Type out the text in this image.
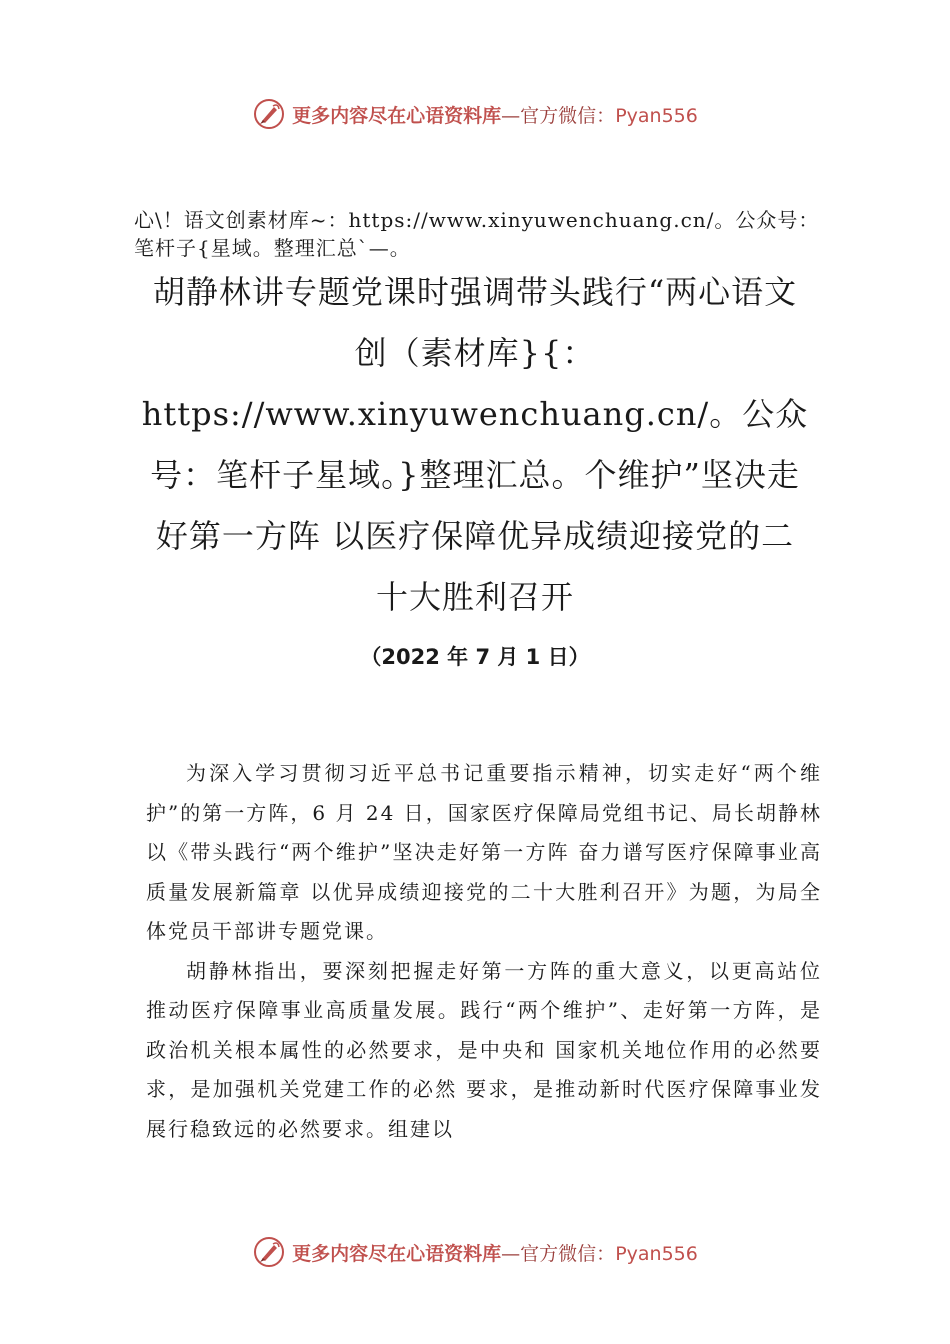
更多内容尽在心语资料库—官方微信：Pyan556
心\！语文创素材库~：https://www.xinyuwenchuang.cn/。公众号：笔杆子{星域。整理汇总`—。
胡静林讲专题党课时强调带头践行“两心语文创（素材库}{：https://www.xinyuwenchuang.cn/。公众号：笔杆子星域。}整理汇总。个维护”坚决走好第一方阵 以医疗保障优异成绩迎接党的二十大胜利召开
（2022 年 7 月 1 日）

为深入学习贯彻习近平总书记重要指示精神，切实走好“两个维护”的第一方阵，6 月 24 日，国家医疗保障局党组书记、局长胡静林以《带头践行“两个维护”坚决走好第一方阵 奋力谱写医疗保障事业高质量发展新篇章 以优异成绩迎接党的二十大胜利召开》为题，为局全体党员干部讲专题党课。

胡静林指出，要深刻把握走好第一方阵的重大意义，以更高站位推动医疗保障事业高质量发展。践行“两个维护”、走好第一方阵，是政治机关根本属性的必然要求，是中央和 国家机关地位作用的必然要求，是加强机关党建工作的必然 要求，是推动新时代医疗保障事业发展行稳致远的必然要求。组建以

更多内容尽在心语资料库—官方微信：Pyan556
